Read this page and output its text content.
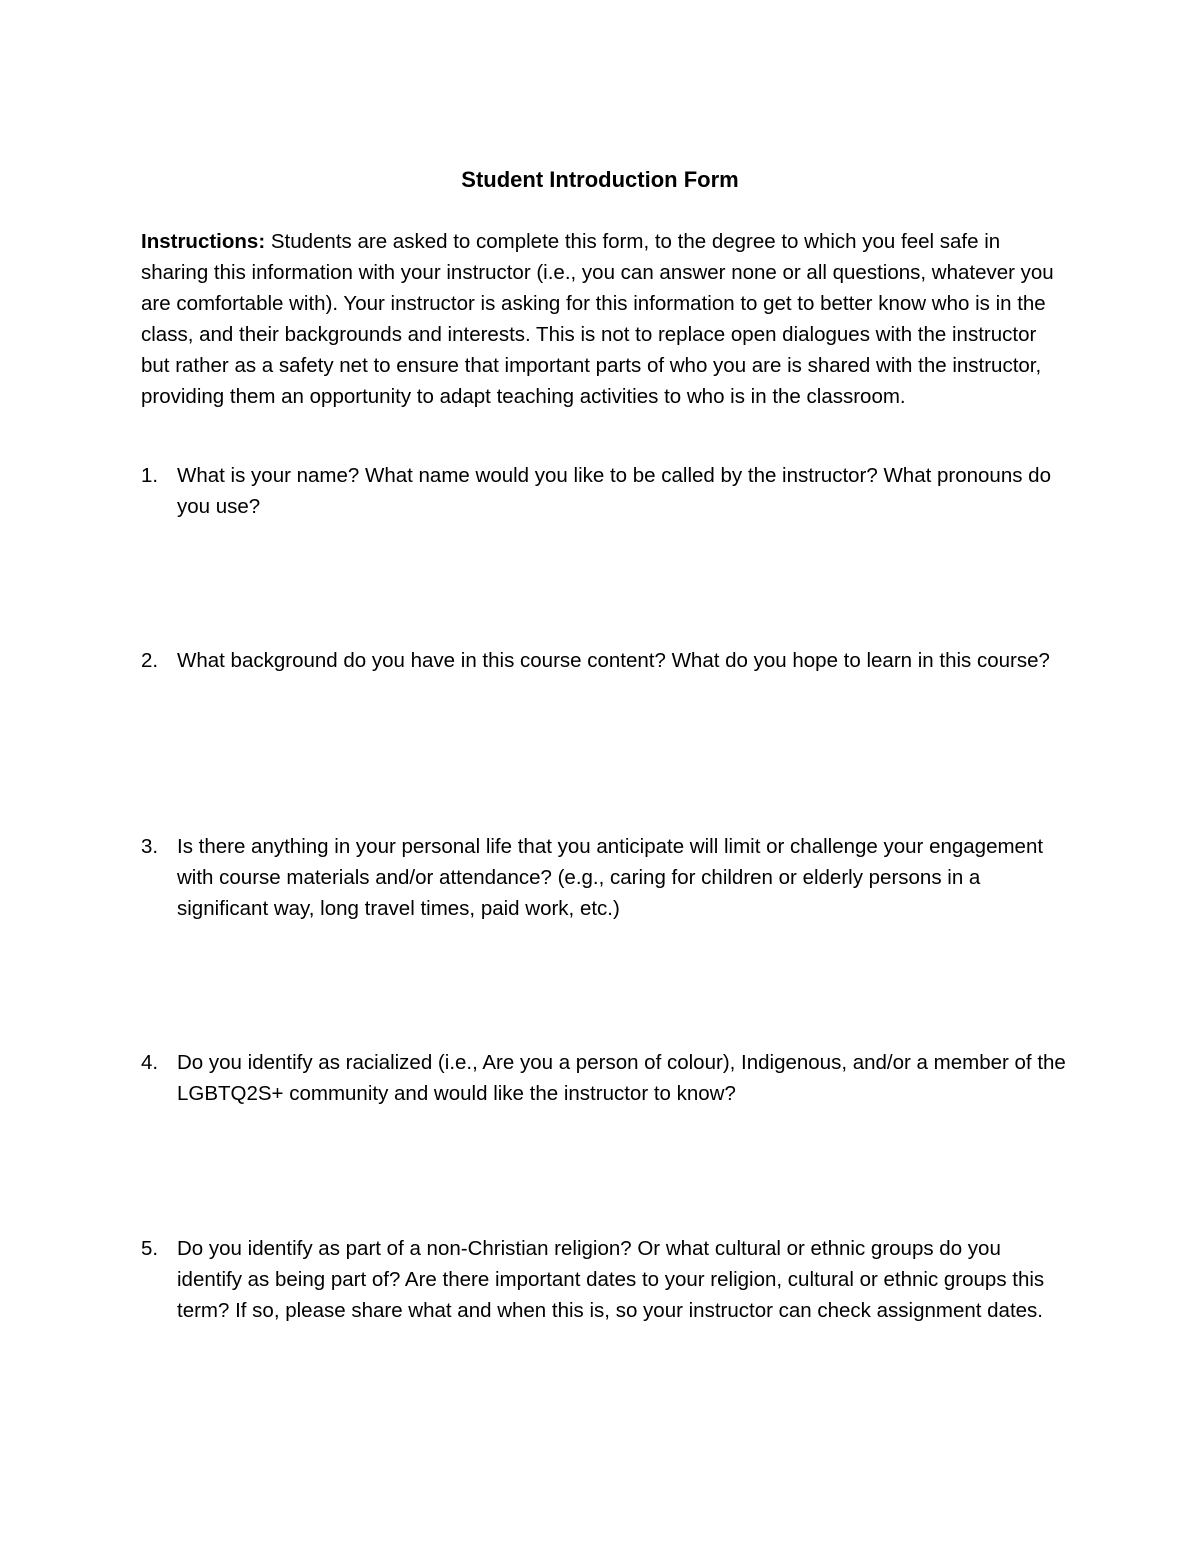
Student Introduction Form

Instructions: Students are asked to complete this form, to the degree to which you feel safe in sharing this information with your instructor (i.e., you can answer none or all questions, whatever you are comfortable with). Your instructor is asking for this information to get to better know who is in the class, and their backgrounds and interests. This is not to replace open dialogues with the instructor but rather as a safety net to ensure that important parts of who you are is shared with the instructor, providing them an opportunity to adapt teaching activities to who is in the classroom.

1. What is your name? What name would you like to be called by the instructor? What pronouns do you use?
2. What background do you have in this course content? What do you hope to learn in this course?
3. Is there anything in your personal life that you anticipate will limit or challenge your engagement with course materials and/or attendance? (e.g., caring for children or elderly persons in a significant way, long travel times, paid work, etc.)
4. Do you identify as racialized (i.e., Are you a person of colour), Indigenous, and/or a member of the LGBTQ2S+ community and would like the instructor to know?
5. Do you identify as part of a non-Christian religion? Or what cultural or ethnic groups do you identify as being part of? Are there important dates to your religion, cultural or ethnic groups this term? If so, please share what and when this is, so your instructor can check assignment dates.
